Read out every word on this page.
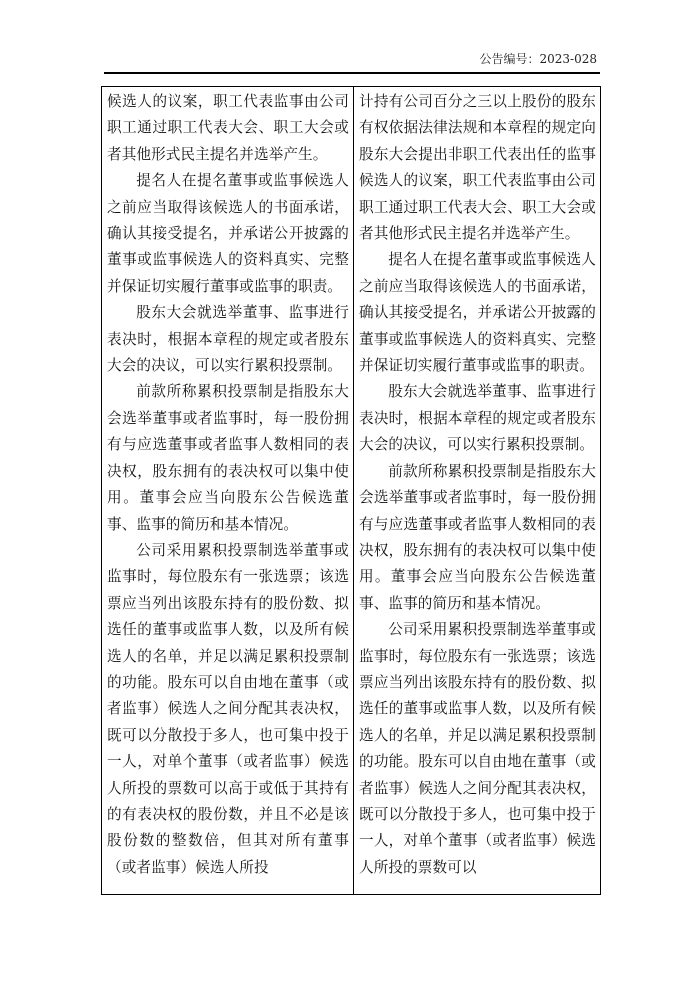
公告编号：2023-028

候选人的议案，职工代表监事由公司职工通过职工代表大会、职工大会或者其他形式民主提名并选举产生。

提名人在提名董事或监事候选人之前应当取得该候选人的书面承诺，确认其接受提名，并承诺公开披露的董事或监事候选人的资料真实、完整并保证切实履行董事或监事的职责。

股东大会就选举董事、监事进行表决时，根据本章程的规定或者股东大会的决议，可以实行累积投票制。

前款所称累积投票制是指股东大会选举董事或者监事时，每一股份拥有与应选董事或者监事人数相同的表决权，股东拥有的表决权可以集中使用。董事会应当向股东公告候选董事、监事的简历和基本情况。

公司采用累积投票制选举董事或监事时，每位股东有一张选票；该选票应当列出该股东持有的股份数、拟选任的董事或监事人数，以及所有候选人的名单，并足以满足累积投票制的功能。股东可以自由地在董事（或者监事）候选人之间分配其表决权，既可以分散投于多人，也可集中投于一人，对单个董事（或者监事）候选人所投的票数可以高于或低于其持有的有表决权的股份数，并且不必是该股份数的整数倍，但其对所有董事（或者监事）候选人所投

计持有公司百分之三以上股份的股东有权依据法律法规和本章程的规定向股东大会提出非职工代表出任的监事候选人的议案，职工代表监事由公司职工通过职工代表大会、职工大会或者其他形式民主提名并选举产生。

提名人在提名董事或监事候选人之前应当取得该候选人的书面承诺，确认其接受提名，并承诺公开披露的董事或监事候选人的资料真实、完整并保证切实履行董事或监事的职责。

股东大会就选举董事、监事进行表决时，根据本章程的规定或者股东大会的决议，可以实行累积投票制。

前款所称累积投票制是指股东大会选举董事或者监事时，每一股份拥有与应选董事或者监事人数相同的表决权，股东拥有的表决权可以集中使用。董事会应当向股东公告候选董事、监事的简历和基本情况。

公司采用累积投票制选举董事或监事时，每位股东有一张选票；该选票应当列出该股东持有的股份数、拟选任的董事或监事人数，以及所有候选人的名单，并足以满足累积投票制的功能。股东可以自由地在董事（或者监事）候选人之间分配其表决权，既可以分散投于多人，也可集中投于一人，对单个董事（或者监事）候选人所投的票数可以
